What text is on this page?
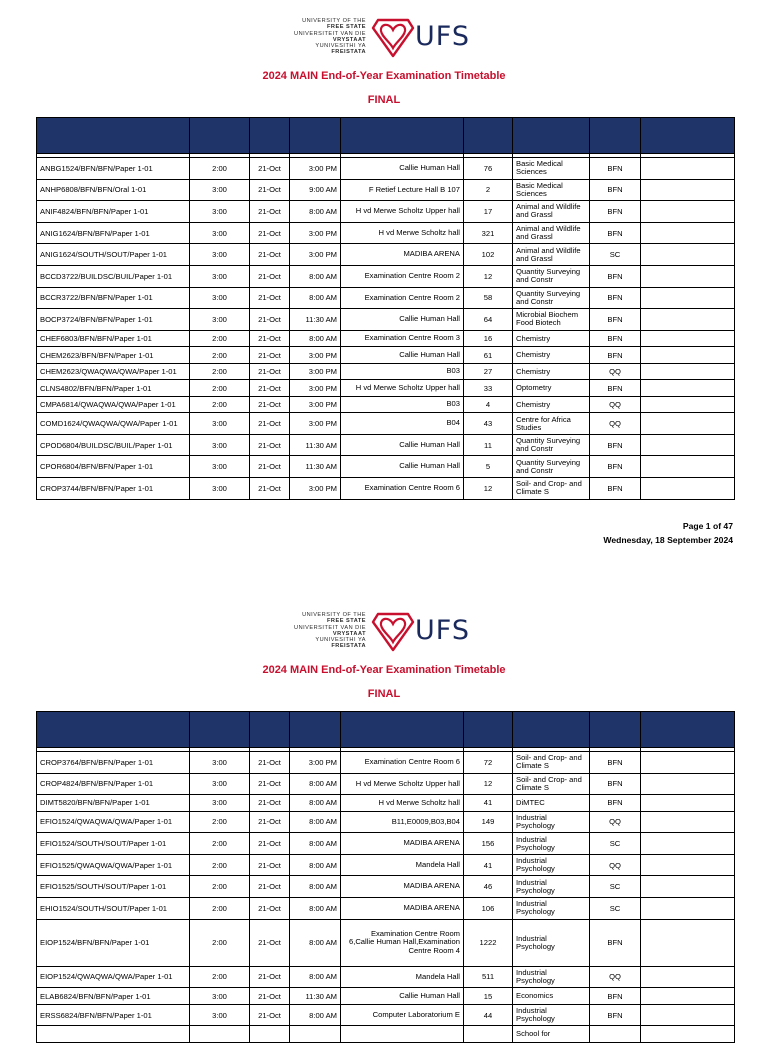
UNIVERSITY OF THE
FREE STATE
UNIVERSITEIT VAN DIE
VRYSTAAT
YUNIVESITHI YA
FREISTATA
UFS
2024 MAIN End-of-Year Examination Timetable
FINAL

ANBG1524/BFN/BFN/Paper 1-01	2:00	21-Oct	3:00 PM	Callie Human Hall	76	Basic Medical Sciences	BFN	
ANHP6808/BFN/BFN/Oral 1-01	3:00	21-Oct	9:00 AM	F Retief Lecture Hall B 107	2	Basic Medical Sciences	BFN	
ANIF4824/BFN/BFN/Paper 1-01	3:00	21-Oct	8:00 AM	H vd Merwe Scholtz Upper hall	17	Animal and Wildlife and Grassl	BFN	
ANIG1624/BFN/BFN/Paper 1-01	3:00	21-Oct	3:00 PM	H vd Merwe Scholtz hall	321	Animal and Wildlife and Grassl	BFN	
ANIG1624/SOUTH/SOUT/Paper 1-01	3:00	21-Oct	3:00 PM	MADIBA ARENA	102	Animal and Wildlife and Grassl	SC	
BCCD3722/BUILDSC/BUIL/Paper 1-01	3:00	21-Oct	8:00 AM	Examination Centre Room 2	12	Quantity Surveying and Constr	BFN	
BCCR3722/BFN/BFN/Paper 1-01	3:00	21-Oct	8:00 AM	Examination Centre Room 2	58	Quantity Surveying and Constr	BFN	
BOCP3724/BFN/BFN/Paper 1-01	3:00	21-Oct	11:30 AM	Callie Human Hall	64	Microbial Biochem Food Biotech	BFN	
CHEF6803/BFN/BFN/Paper 1-01	2:00	21-Oct	8:00 AM	Examination Centre Room 3	16	Chemistry	BFN	
CHEM2623/BFN/BFN/Paper 1-01	2:00	21-Oct	3:00 PM	Callie Human Hall	61	Chemistry	BFN	
CHEM2623/QWAQWA/QWA/Paper 1-01	2:00	21-Oct	3:00 PM	B03	27	Chemistry	QQ	
CLNS4802/BFN/BFN/Paper 1-01	2:00	21-Oct	3:00 PM	H vd Merwe Scholtz Upper hall	33	Optometry	BFN	
CMPA6814/QWAQWA/QWA/Paper 1-01	2:00	21-Oct	3:00 PM	B03	4	Chemistry	QQ	
COMD1624/QWAQWA/QWA/Paper 1-01	3:00	21-Oct	3:00 PM	B04	43	Centre for Africa Studies	QQ	
CPOD6804/BUILDSC/BUIL/Paper 1-01	3:00	21-Oct	11:30 AM	Callie Human Hall	11	Quantity Surveying and Constr	BFN	
CPOR6804/BFN/BFN/Paper 1-01	3:00	21-Oct	11:30 AM	Callie Human Hall	5	Quantity Surveying and Constr	BFN	
CROP3744/BFN/BFN/Paper 1-01	3:00	21-Oct	3:00 PM	Examination Centre Room 6	12	Soil- and Crop- and Climate S	BFN	
Page 1 of 47
Wednesday, 18 September 2024
UNIVERSITY OF THE
FREE STATE
UNIVERSITEIT VAN DIE
VRYSTAAT
YUNIVESITHI YA
FREISTATA
UFS
2024 MAIN End-of-Year Examination Timetable
FINAL

CROP3764/BFN/BFN/Paper 1-01	3:00	21-Oct	3:00 PM	Examination Centre Room 6	72	Soil- and Crop- and Climate S	BFN	
CROP4824/BFN/BFN/Paper 1-01	3:00	21-Oct	8:00 AM	H vd Merwe Scholtz Upper hall	12	Soil- and Crop- and Climate S	BFN	
DIMT5820/BFN/BFN/Paper 1-01	3:00	21-Oct	8:00 AM	H vd Merwe Scholtz hall	41	DiMTEC	BFN	
EFIO1524/QWAQWA/QWA/Paper 1-01	2:00	21-Oct	8:00 AM	B11,E0009,B03,B04	149	Industrial Psychology	QQ	
EFIO1524/SOUTH/SOUT/Paper 1-01	2:00	21-Oct	8:00 AM	MADIBA ARENA	156	Industrial Psychology	SC	
EFIO1525/QWAQWA/QWA/Paper 1-01	2:00	21-Oct	8:00 AM	Mandela Hall	41	Industrial Psychology	QQ	
EFIO1525/SOUTH/SOUT/Paper 1-01	2:00	21-Oct	8:00 AM	MADIBA ARENA	46	Industrial Psychology	SC	
EHIO1524/SOUTH/SOUT/Paper 1-01	2:00	21-Oct	8:00 AM	MADIBA ARENA	106	Industrial Psychology	SC	
EIOP1524/BFN/BFN/Paper 1-01	2:00	21-Oct	8:00 AM	Examination Centre Room 6,Callie Human Hall,Examination Centre Room 4	1222	Industrial Psychology	BFN	
EIOP1524/QWAQWA/QWA/Paper 1-01	2:00	21-Oct	8:00 AM	Mandela Hall	511	Industrial Psychology	QQ	
ELAB6824/BFN/BFN/Paper 1-01	3:00	21-Oct	11:30 AM	Callie Human Hall	15	Economics	BFN	
ERSS6824/BFN/BFN/Paper 1-01	3:00	21-Oct	8:00 AM	Computer Laboratorium E	44	Industrial Psychology	BFN	
						School for		
